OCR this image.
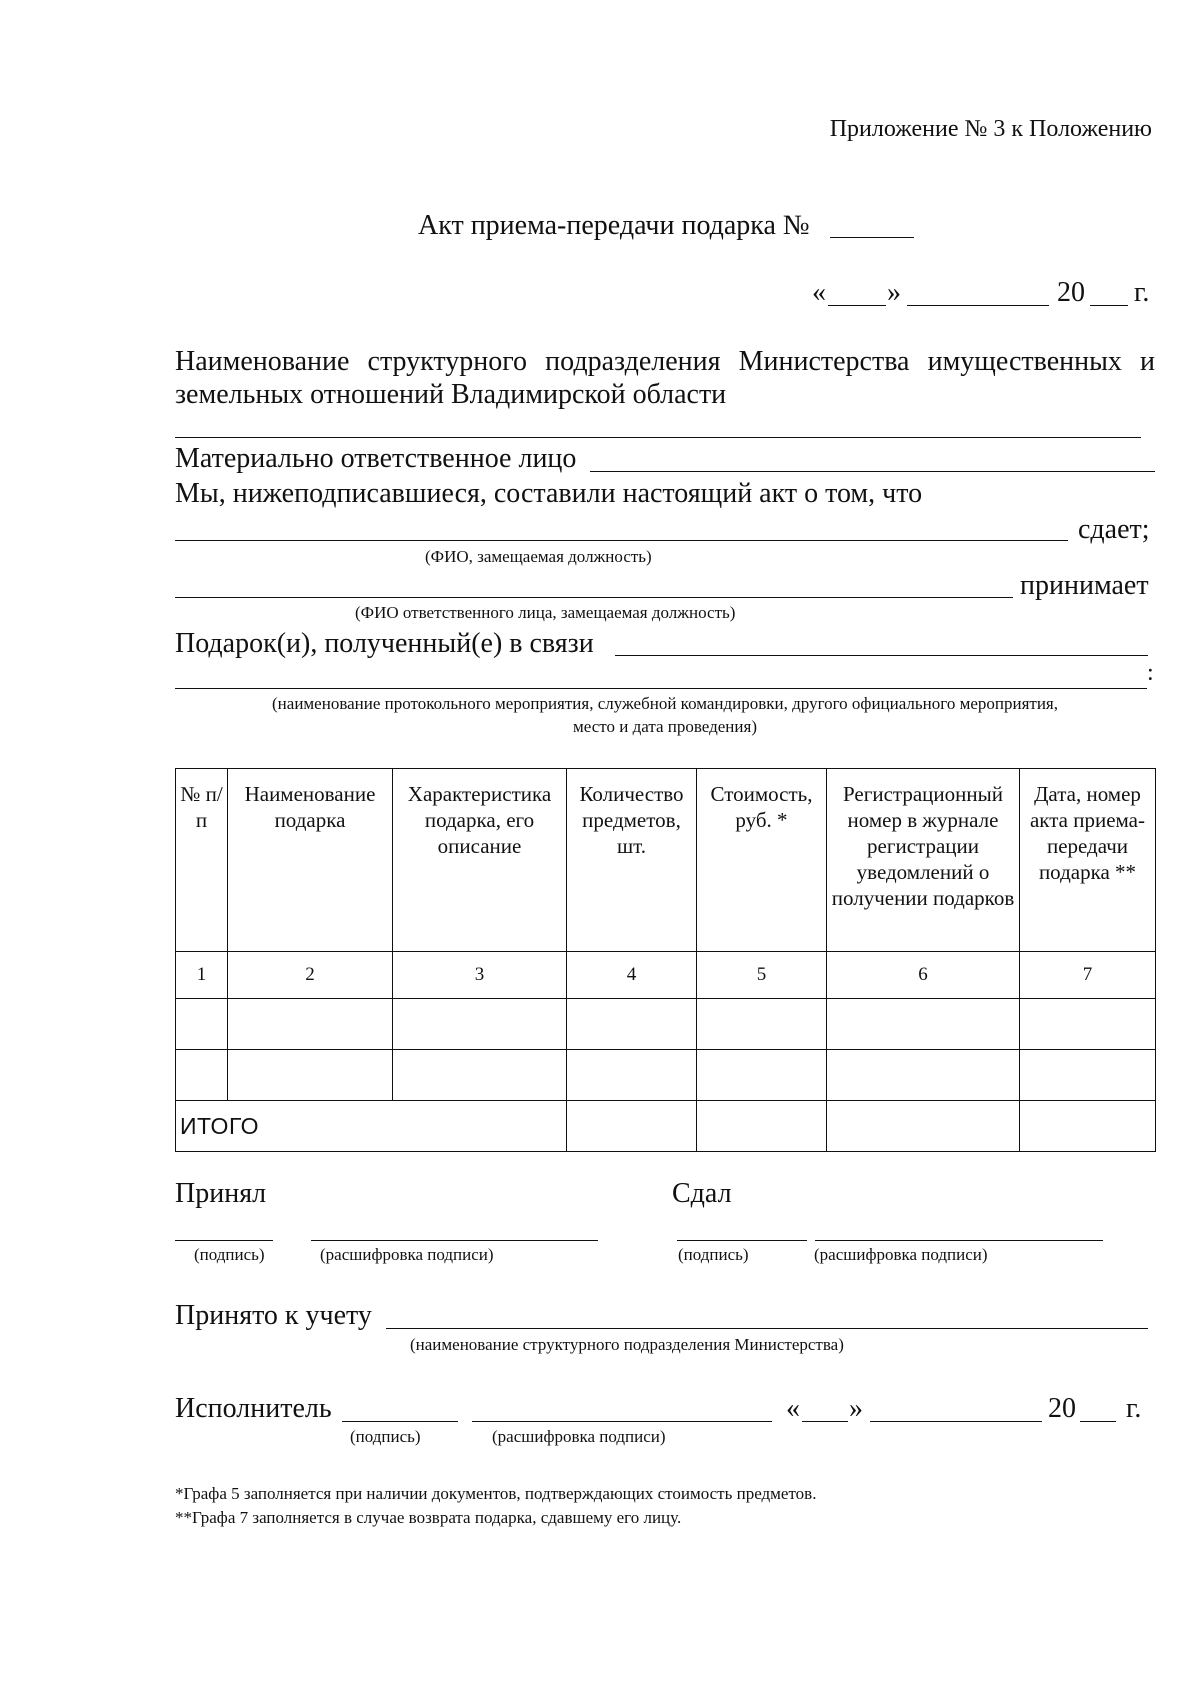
Приложение № 3 к Положению
Акт приема-передачи подарка №
« »	20 г.
Наименование структурного подразделения Министерства имущественных и земельных отношений Владимирской области
Материально ответственное лицо
Мы, нижеподписавшиеся, составили настоящий акт о том, что
сдает;
(ФИО, замещаемая должность)
принимает
(ФИО ответственного лица, замещаемая должность)
Подарок(и), полученный(е) в связи
:
(наименование протокольного мероприятия, служебной командировки, другого официального мероприятия,
место и дата проведения)
№ п/п	Наименование подарка	Характеристика подарка, его описание	Количество предметов, шт.	Стоимость, руб. *	Регистрационный номер в журнале регистрации уведомлений о получении подарков	Дата, номер акта приема-передачи подарка **
1	2	3	4	5	6	7

ИТОГО						
Принял	Сдал
(подпись)	(расшифровка подписи)	(подпись)	(расшифровка подписи)
Принято к учету
(наименование структурного подразделения Министерства)
Исполнитель	« »	20 г.
(подпись)	(расшифровка подписи)
*Графа 5 заполняется при наличии документов, подтверждающих стоимость предметов.
**Графа 7 заполняется в случае возврата подарка, сдавшему его лицу.
